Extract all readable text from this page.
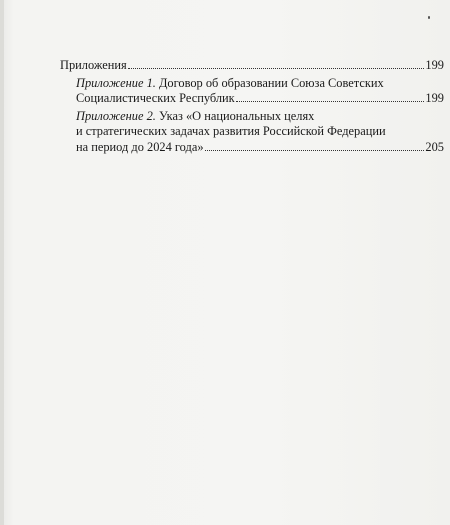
Приложения	199
Приложение 1. Договор об образовании Союза Советских
Социалистических Республик	199
Приложение 2. Указ «О национальных целях
и стратегических задачах развития Российской Федерации
на период до 2024 года»	205
